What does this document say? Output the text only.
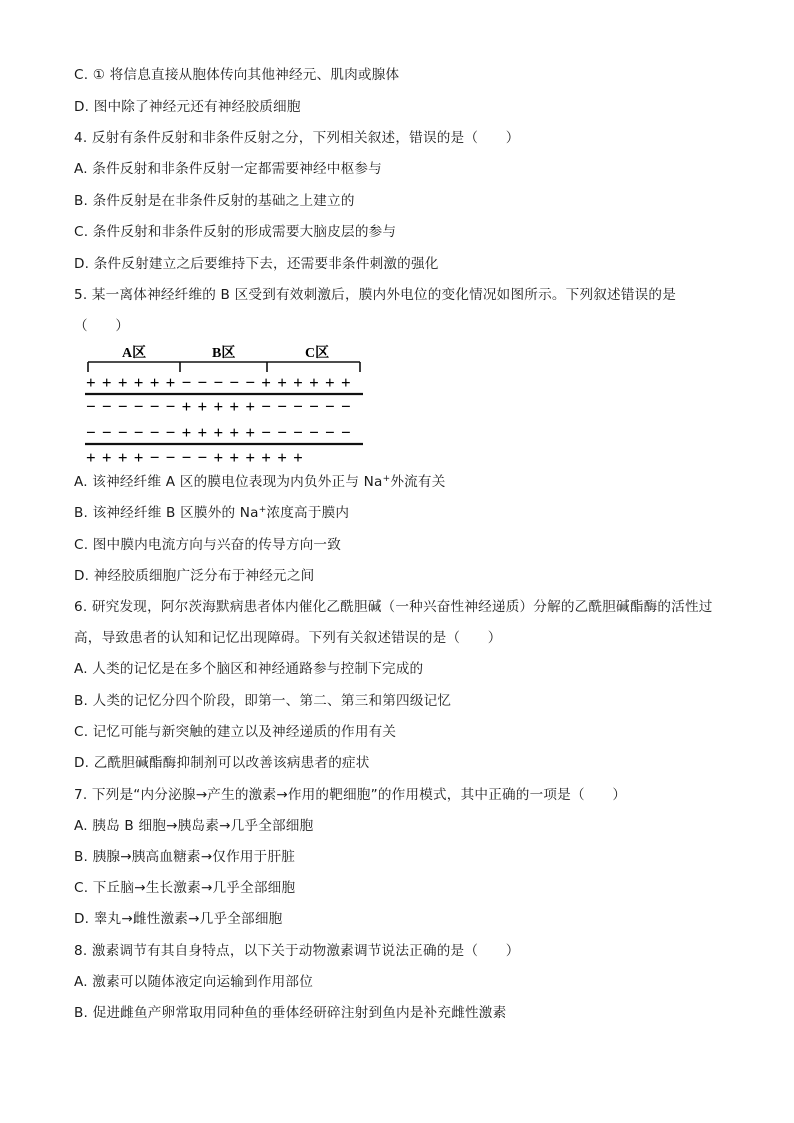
C. ① 将信息直接从胞体传向其他神经元、肌肉或腺体
D. 图中除了神经元还有神经胶质细胞
4. 反射有条件反射和非条件反射之分，下列相关叙述，错误的是（　　）
A. 条件反射和非条件反射一定都需要神经中枢参与
B. 条件反射是在非条件反射的基础之上建立的
C. 条件反射和非条件反射的形成需要大脑皮层的参与
D. 条件反射建立之后要维持下去，还需要非条件刺激的强化
5. 某一离体神经纤维的 B 区受到有效刺激后，膜内外电位的变化情况如图所示。下列叙述错误的是
（　　）
A区	B区	C区
+ + + + + + − − − − − + + + + + +
− − − − − − + + + + + − − − − − −
− − − − − − + + + + + − − − − − −
+ + + + − − − − + + + + + +
A. 该神经纤维 A 区的膜电位表现为内负外正与 Na+外流有关
B. 该神经纤维 B 区膜外的 Na+浓度高于膜内
C. 图中膜内电流方向与兴奋的传导方向一致
D. 神经胶质细胞广泛分布于神经元之间
6. 研究发现，阿尔茨海默病患者体内催化乙酰胆碱（一种兴奋性神经递质）分解的乙酰胆碱酯酶的活性过
高，导致患者的认知和记忆出现障碍。下列有关叙述错误的是（　　）
A. 人类的记忆是在多个脑区和神经通路参与控制下完成的
B. 人类的记忆分四个阶段，即第一、第二、第三和第四级记忆
C. 记忆可能与新突触的建立以及神经递质的作用有关
D. 乙酰胆碱酯酶抑制剂可以改善该病患者的症状
7. 下列是“内分泌腺→产生的激素→作用的靶细胞”的作用模式，其中正确的一项是（　　）
A. 胰岛 B 细胞→胰岛素→几乎全部细胞
B. 胰腺→胰高血糖素→仅作用于肝脏
C. 下丘脑→生长激素→几乎全部细胞
D. 睾丸→雌性激素→几乎全部细胞
8. 激素调节有其自身特点，以下关于动物激素调节说法正确的是（　　）
A. 激素可以随体液定向运输到作用部位
B. 促进雌鱼产卵常取用同种鱼的垂体经研碎注射到鱼内是补充雌性激素
